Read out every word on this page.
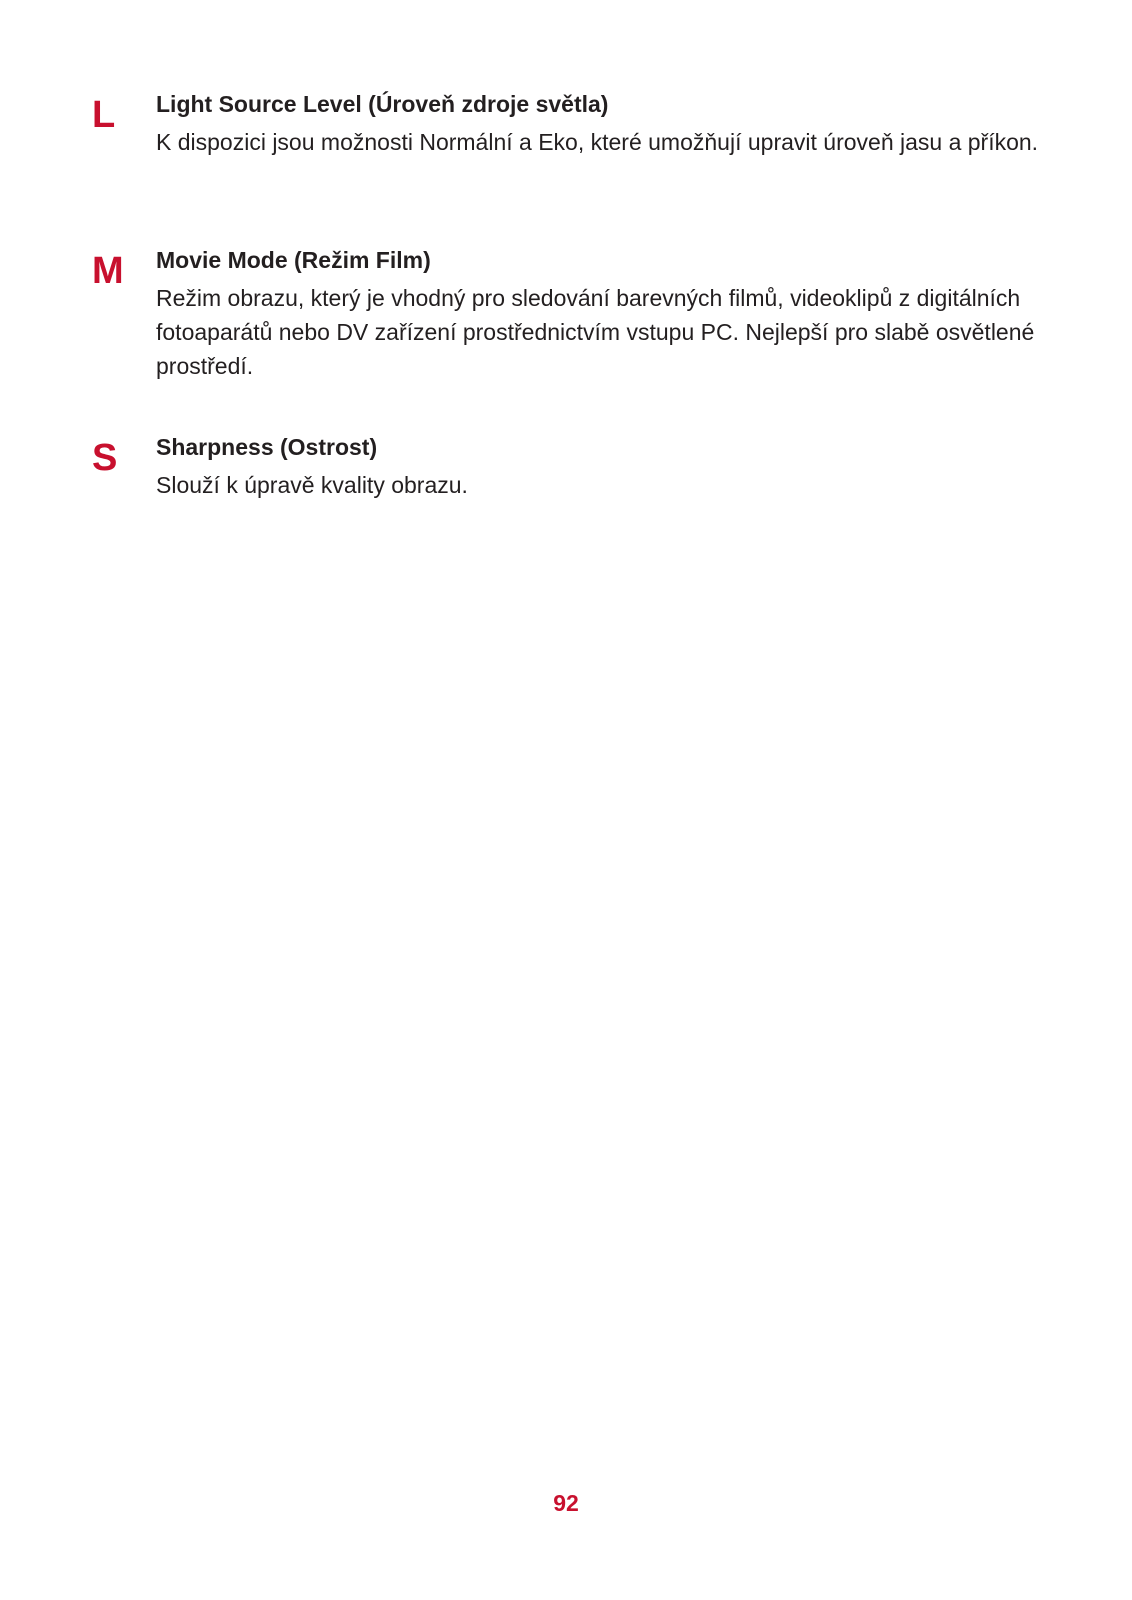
L	Light Source Level (Úroveň zdroje světla)

K dispozici jsou možnosti Normální a Eko, které umožňují upravit úroveň jasu a příkon.

M	Movie Mode (Režim Film)

Režim obrazu, který je vhodný pro sledování barevných filmů, videoklipů z digitálních fotoaparátů nebo DV zařízení prostřednictvím vstupu PC. Nejlepší pro slabě osvětlené prostředí.

S	Sharpness (Ostrost)

Slouží k úpravě kvality obrazu.

92
